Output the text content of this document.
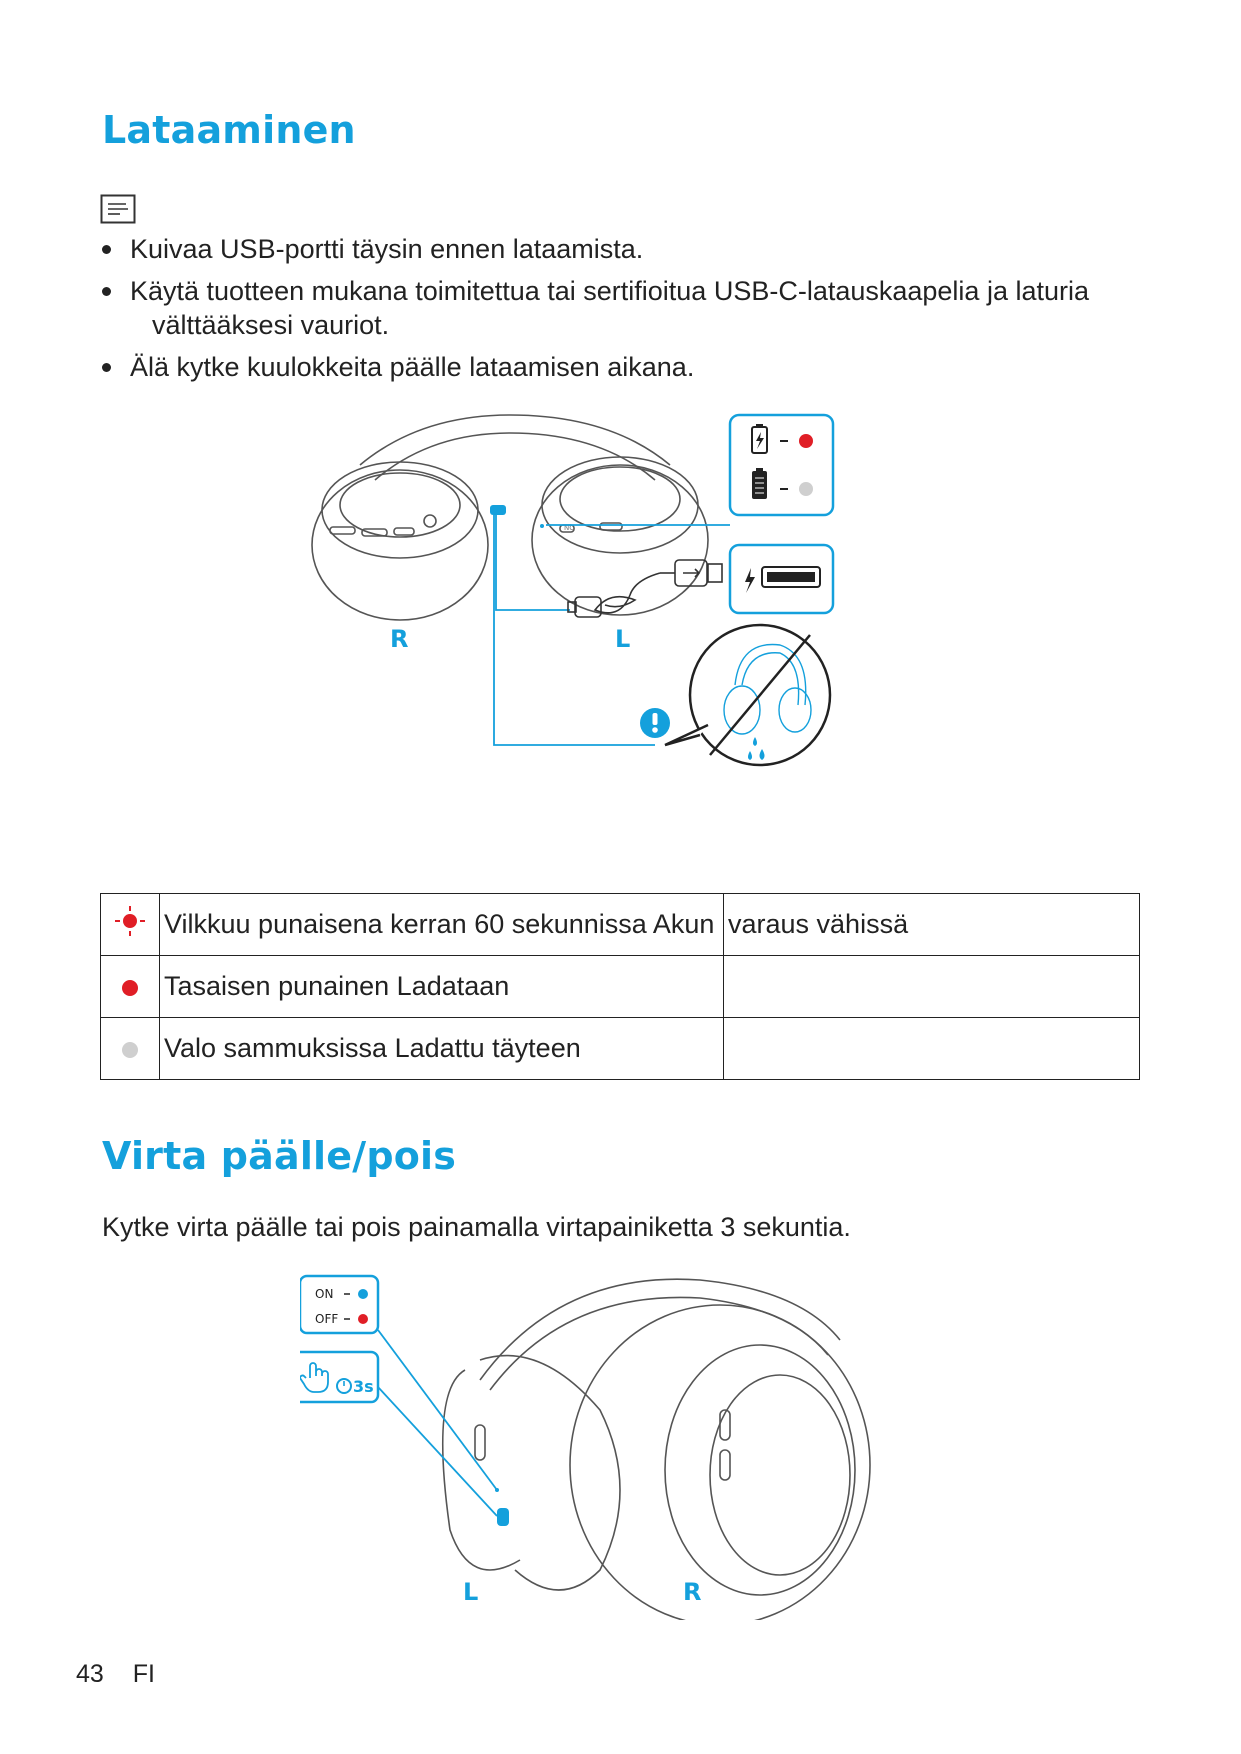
Lataaminen
Kuivaa USB-portti täysin ennen lataamista.
Käytä tuotteen mukana toimitettua tai sertifioitua USB-C-latauskaapelia ja laturia
välttääksesi vauriot.
Älä kytke kuulokkeita päälle lataamisen aikana.
NC
R	L
	Vilkkuu punaisena kerran 60 sekunnissa Akun	varaus vähissä
	Tasaisen punainen Ladataan	
	Valo sammuksissa Ladattu täyteen	
Virta päälle/pois

Kytke virta päälle tai pois painamalla virtapainiketta 3 sekuntia.

ON
OFF
3s
L	R
43 FI
